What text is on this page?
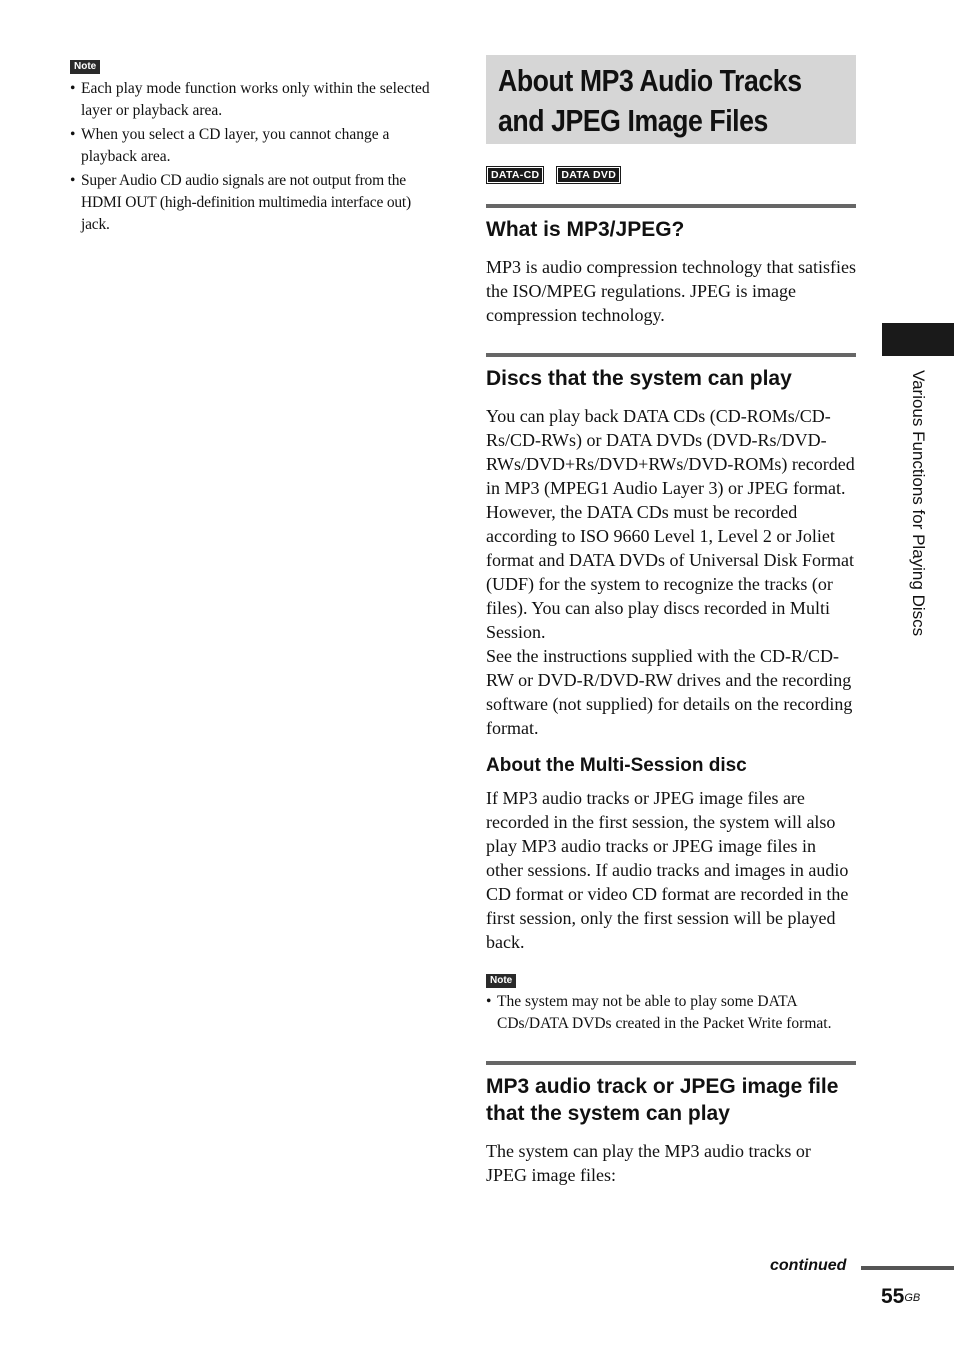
Note
• Each play mode function works only within the selected layer or playback area.
• When you select a CD layer, you cannot change a playback area.
• Super Audio CD audio signals are not output from the HDMI OUT (high-definition multimedia interface out) jack.
About MP3 Audio Tracks
and JPEG Image Files
DATA-CD	DATA DVD
What is MP3/JPEG?

MP3 is audio compression technology that satisfies the ISO/MPEG regulations. JPEG is image compression technology.

Discs that the system can play

You can play back DATA CDs (CD-ROMs/CD-Rs/CD-RWs) or DATA DVDs (DVD-Rs/DVD-RWs/DVD+Rs/DVD+RWs/DVD-ROMs) recorded in MP3 (MPEG1 Audio Layer 3) or JPEG format. However, the DATA CDs must be recorded according to ISO 9660 Level 1, Level 2 or Joliet format and DATA DVDs of Universal Disk Format (UDF) for the system to recognize the tracks (or files). You can also play discs recorded in Multi Session.

See the instructions supplied with the CD-R/CD-RW or DVD-R/DVD-RW drives and the recording software (not supplied) for details on the recording format.

About the Multi-Session disc

If MP3 audio tracks or JPEG image files are recorded in the first session, the system will also play MP3 audio tracks or JPEG image files in other sessions. If audio tracks and images in audio CD format or video CD format are recorded in the first session, only the first session will be played back.

Note
• The system may not be able to play some DATA CDs/DATA DVDs created in the Packet Write format.
MP3 audio track or JPEG image file that the system can play

The system can play the MP3 audio tracks or JPEG image files:

Various Functions for Playing Discs
continued
$55^{GB}$
